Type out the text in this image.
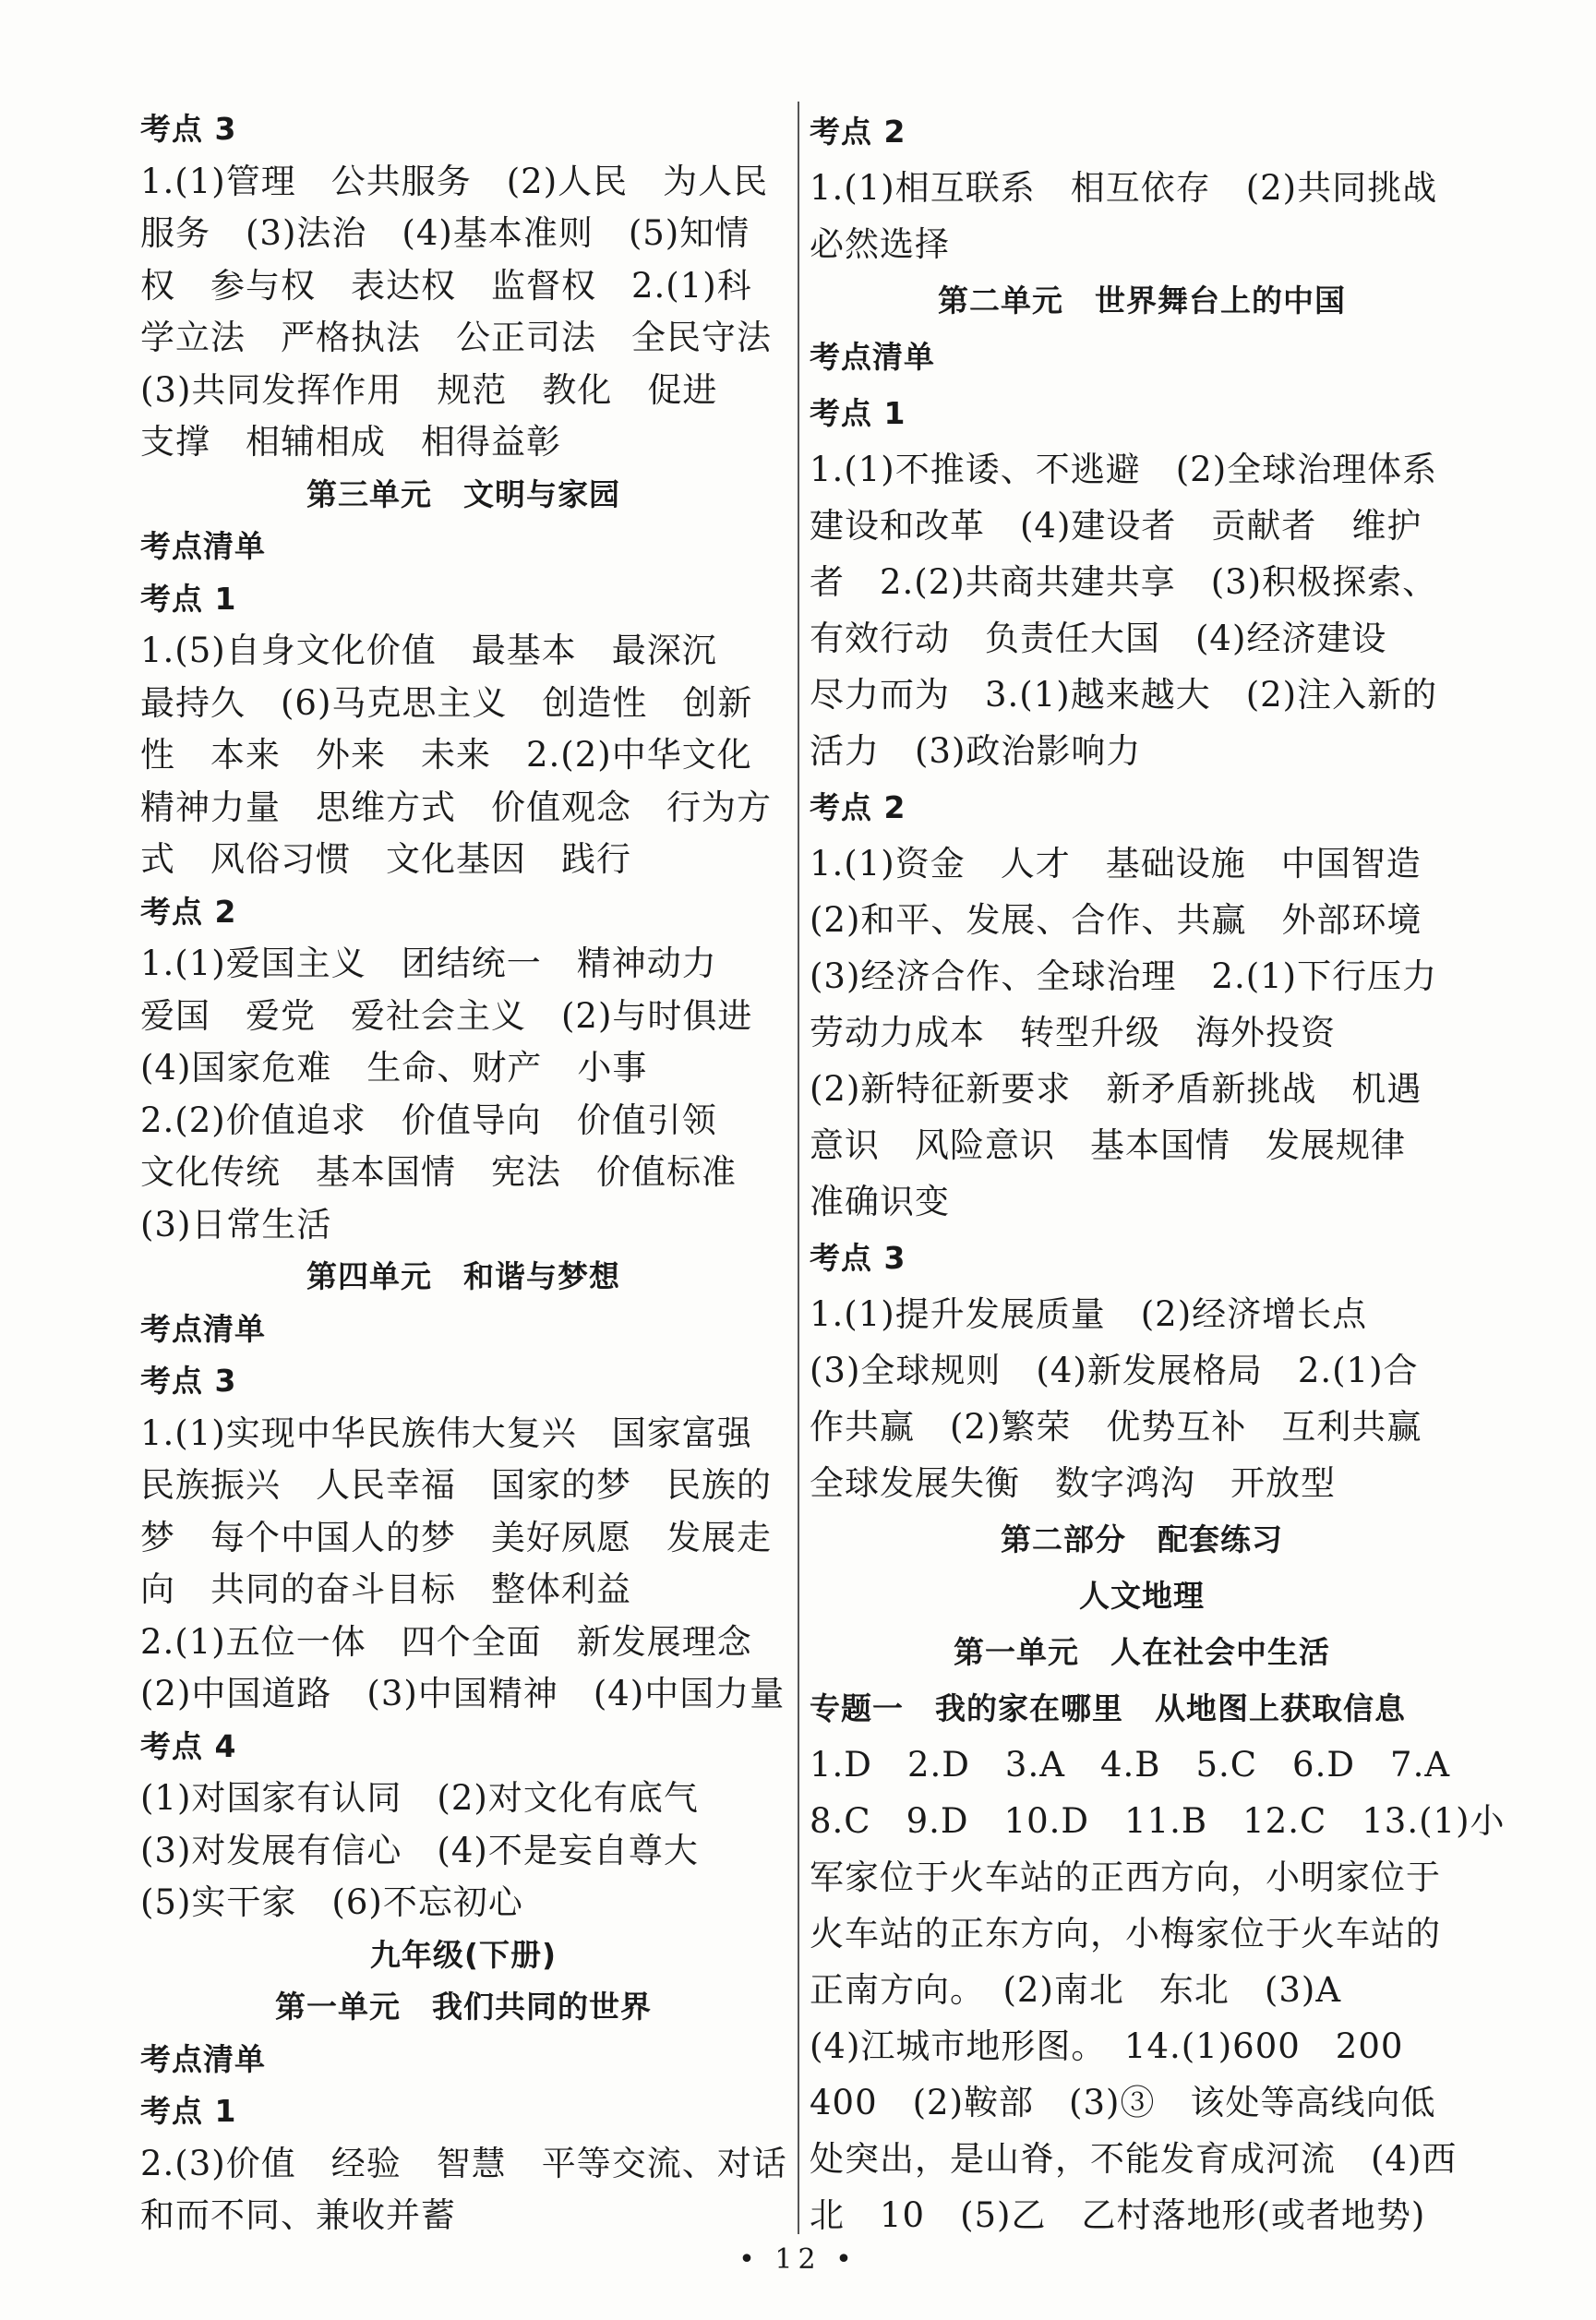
考点 3
1.(1)管理　公共服务　(2)人民　为人民
服务　(3)法治　(4)基本准则　(5)知情
权　参与权　表达权　监督权　2.(1)科
学立法　严格执法　公正司法　全民守法
(3)共同发挥作用　规范　教化　促进
支撑　相辅相成　相得益彰
第三单元　文明与家园
考点清单
考点 1
1.(5)自身文化价值　最基本　最深沉
最持久　(6)马克思主义　创造性　创新
性　本来　外来　未来　2.(2)中华文化
精神力量　思维方式　价值观念　行为方
式　风俗习惯　文化基因　践行
考点 2
1.(1)爱国主义　团结统一　精神动力
爱国　爱党　爱社会主义　(2)与时俱进
(4)国家危难　生命、财产　小事
2.(2)价值追求　价值导向　价值引领
文化传统　基本国情　宪法　价值标准
(3)日常生活
第四单元　和谐与梦想
考点清单
考点 3
1.(1)实现中华民族伟大复兴　国家富强
民族振兴　人民幸福　国家的梦　民族的
梦　每个中国人的梦　美好夙愿　发展走
向　共同的奋斗目标　整体利益
2.(1)五位一体　四个全面　新发展理念
(2)中国道路　(3)中国精神　(4)中国力量
考点 4
(1)对国家有认同　(2)对文化有底气
(3)对发展有信心　(4)不是妄自尊大
(5)实干家　(6)不忘初心
九年级(下册)
第一单元　我们共同的世界
考点清单
考点 1
2.(3)价值　经验　智慧　平等交流、对话
和而不同、兼收并蓄
考点 2
1.(1)相互联系　相互依存　(2)共同挑战
必然选择
第二单元　世界舞台上的中国
考点清单
考点 1
1.(1)不推诿、不逃避　(2)全球治理体系
建设和改革　(4)建设者　贡献者　维护
者　2.(2)共商共建共享　(3)积极探索、
有效行动　负责任大国　(4)经济建设
尽力而为　3.(1)越来越大　(2)注入新的
活力　(3)政治影响力
考点 2
1.(1)资金　人才　基础设施　中国智造
(2)和平、发展、合作、共赢　外部环境
(3)经济合作、全球治理　2.(1)下行压力
劳动力成本　转型升级　海外投资
(2)新特征新要求　新矛盾新挑战　机遇
意识　风险意识　基本国情　发展规律
准确识变
考点 3
1.(1)提升发展质量　(2)经济增长点
(3)全球规则　(4)新发展格局　2.(1)合
作共赢　(2)繁荣　优势互补　互利共赢
全球发展失衡　数字鸿沟　开放型
第二部分　配套练习
人文地理
第一单元　人在社会中生活
专题一　我的家在哪里　从地图上获取信息
1.D　2.D　3.A　4.B　5.C　6.D　7.A
8.C　9.D　10.D　11.B　12.C　13.(1)小
军家位于火车站的正西方向，小明家位于
火车站的正东方向，小梅家位于火车站的
正南方向。　(2)南北　东北　(3)A
(4)江城市地形图。　14.(1)600　200
400　(2)鞍部　(3)③　该处等高线向低
处突出，是山脊，不能发育成河流　(4)西
北　10　(5)乙　乙村落地形(或者地势)
• 12 •
